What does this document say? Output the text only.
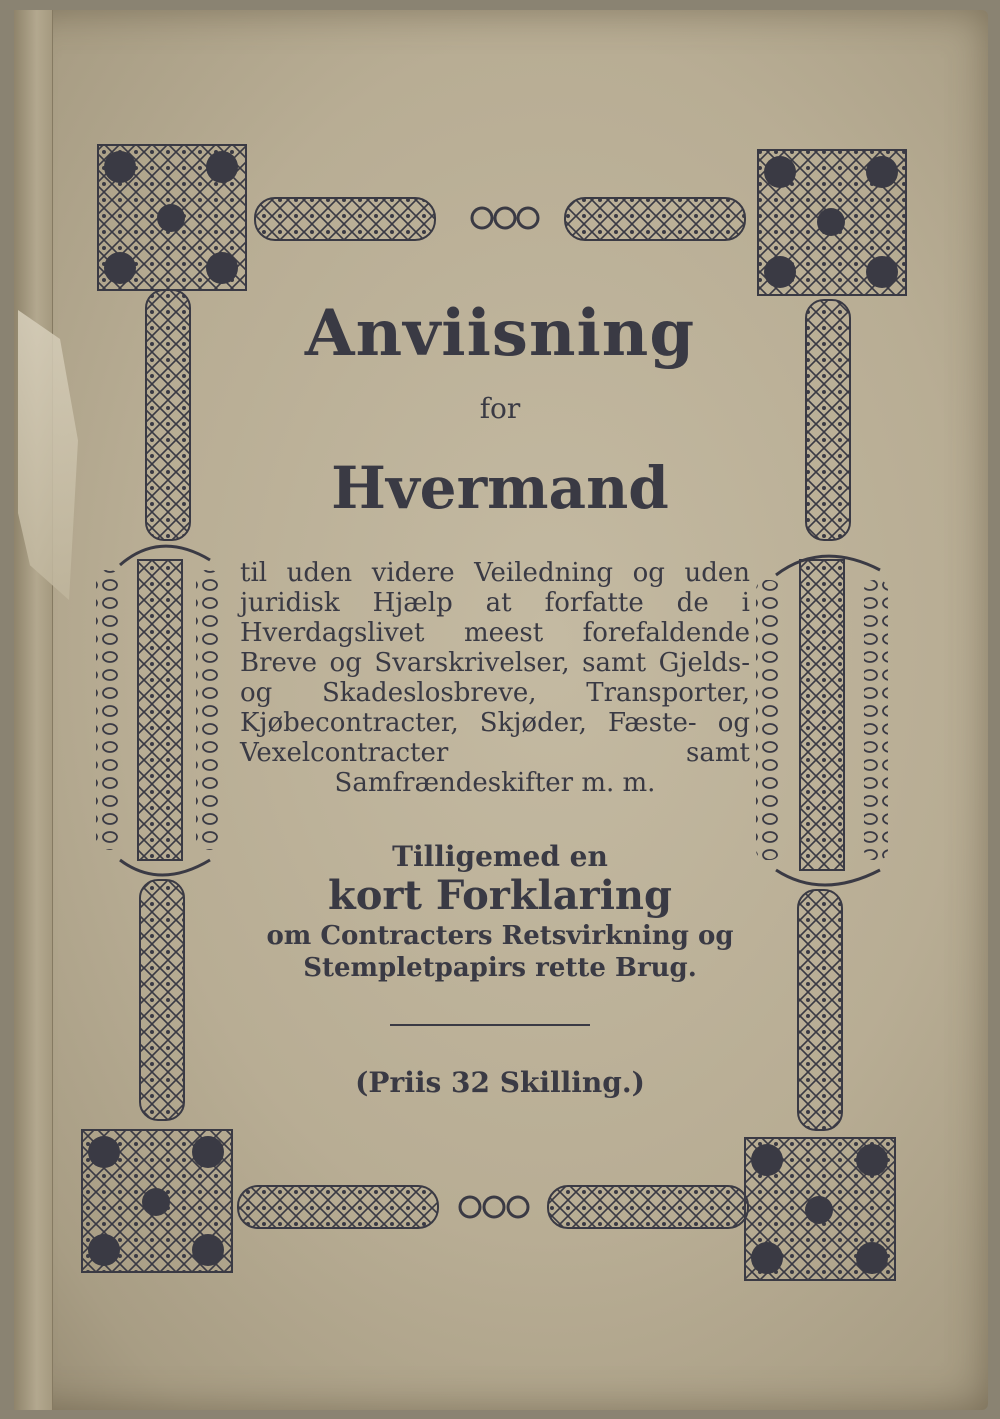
Anviisning
for
Hvermand
til uden videre Veiledning og uden juridisk Hjælp at forfatte de i Hverdagslivet meest forefaldende Breve og Svarskrivelser, samt Gjelds- og Skadeslosbreve, Transporter, Kjøbecontracter, Skjøder, Fæste- og Vexelcontracter samt Samfrændeskifter m. m.
Tilligemed en
kort Forklaring
om Contracters Retsvirkning og Stempletpapirs rette Brug.
(Priis 32 Skilling.)
